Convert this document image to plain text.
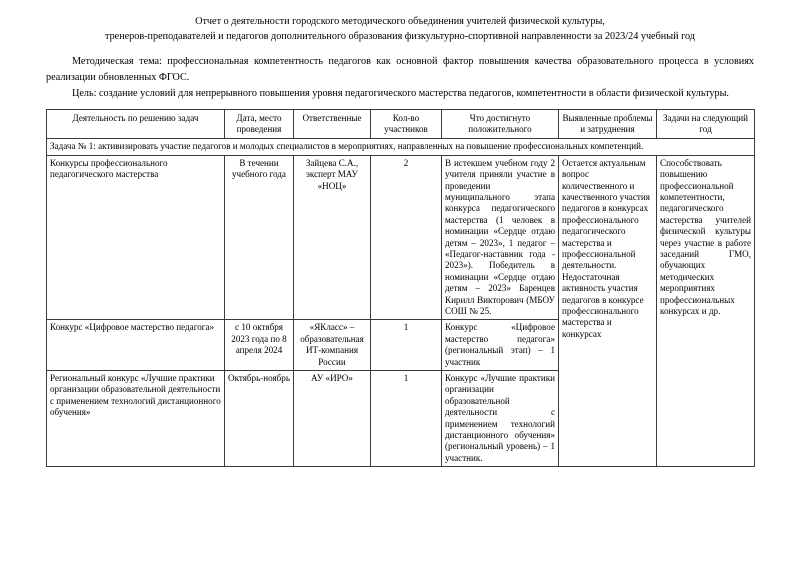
Отчет о деятельности городского методического объединения учителей физической культуры,
тренеров-преподавателей и педагогов дополнительного образования физкультурно-спортивной направленности за 2023/24 учебный год

Методическая тема: профессиональная компетентность педагогов как основной фактор повышения качества образовательного процесса в условиях реализации обновленных ФГОС.

Цель: создание условий для непрерывного повышения уровня педагогического мастерства педагогов, компетентности в области физической культуры.

Деятельность по решению задач	Дата, место проведения	Ответственные	Кол-во участников	Что достигнуто положительного	Выявленные проблемы и затруднения	Задачи на следующий год
Задача № 1: активизировать участие педагогов и молодых специалистов в мероприятиях, направленных на повышение профессиональных компетенций.						
Конкурсы профессионального педагогического мастерства	В течении учебного года	Зайцева С.А., эксперт МАУ «НОЦ»	2	В истекшем учебном году 2 учителя приняли участие в проведении муниципального этапа конкурса педагогического мастерства (1 человек в номинации «Сердце отдаю детям – 2023», 1 педагог – «Педагог-наставник года - 2023»). Победитель в номинации «Сердце отдаю детям – 2023» Баренцев Кирилл Викторович (МБОУ СОШ № 25.	Остается актуальным вопрос количественного и качественного участия педагогов в конкурсах профессионального педагогического мастерства и профессиональной деятельности. Недостаточная активность участия педагогов в конкурсе профессионального мастерства и конкурсах	Способствовать повышению профессиональной компетентности, педагогического мастерства учителей физической культуры через участие в работе заседаний ГМО, обучающих методических мероприятиях профессиональных конкурсах и др.
Конкурс «Цифровое мастерство педагога»	с 10 октября 2023 года по 8 апреля 2024	«ЯКласс» – образовательная ИТ-компания России	1	Конкурс «Цифровое мастерство педагога» (региональный этап) – 1 участник		
Региональный конкурс «Лучшие практики организации образовательной деятельности с применением технологий дистанционного обучения»	Октябрь-ноябрь	АУ «ИРО»	1	Конкурс «Лучшие практики организации образовательной деятельности с применением технологий дистанционного обучения» (региональный уровень) – 1 участник.		
